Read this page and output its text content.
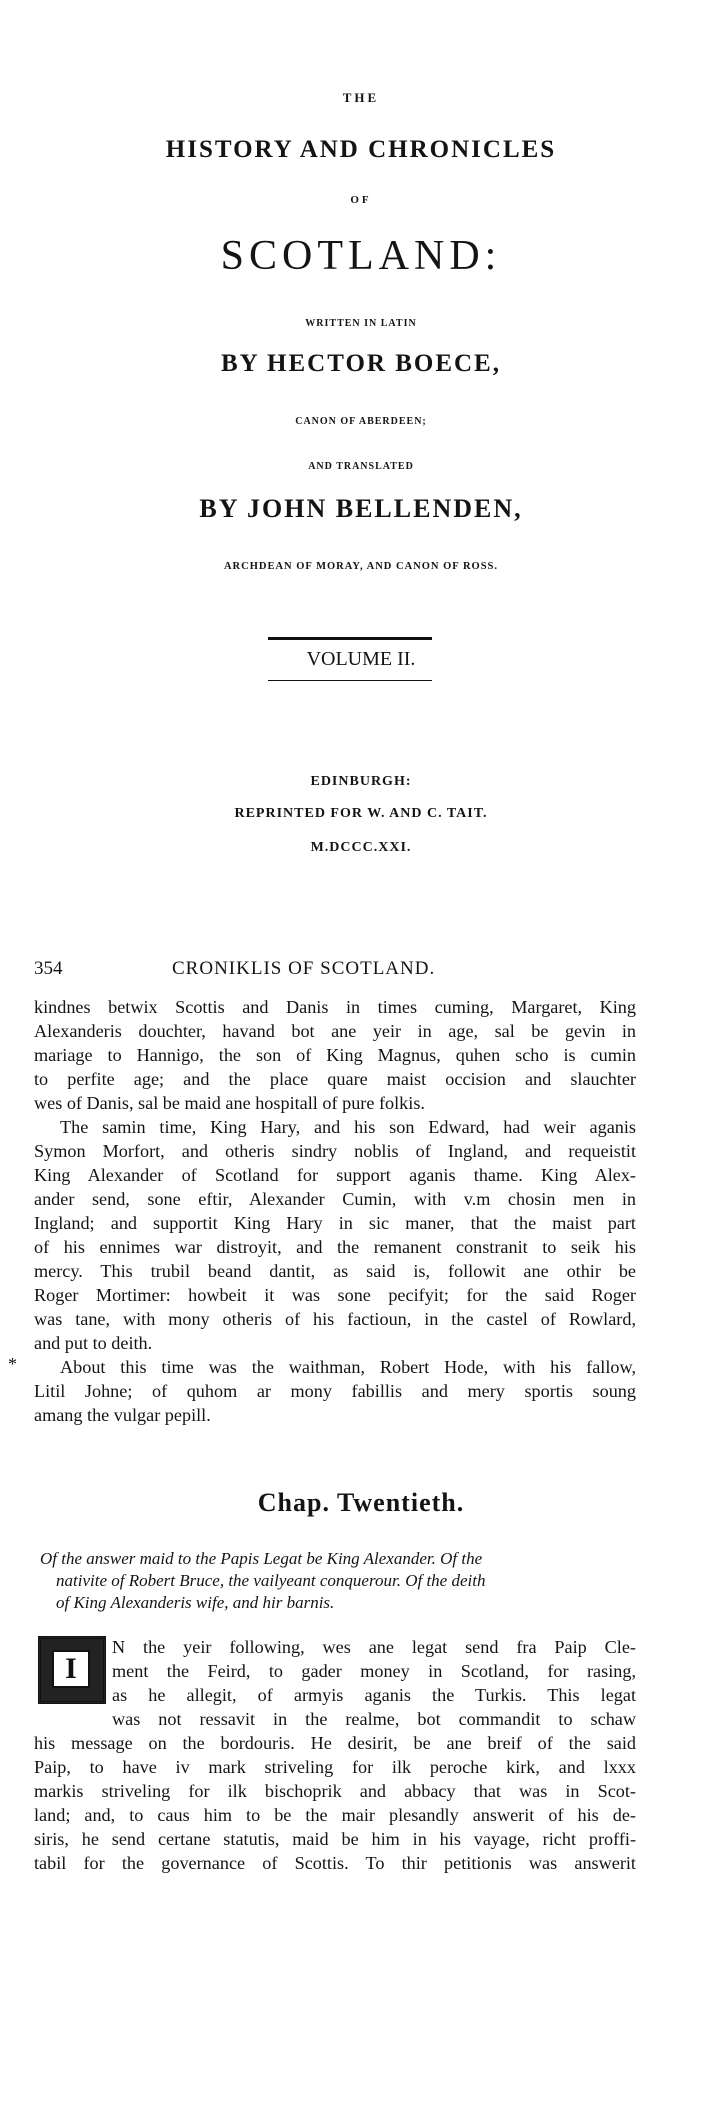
THE
HISTORY AND CHRONICLES
OF
SCOTLAND:
WRITTEN IN LATIN
BY HECTOR BOECE,
CANON OF ABERDEEN;
AND TRANSLATED
BY JOHN BELLENDEN,
ARCHDEAN OF MORAY, AND CANON OF ROSS.
VOLUME II.
EDINBURGH:
REPRINTED FOR W. AND C. TAIT.
M.DCCC.XXI.
354	CRONIKLIS OF SCOTLAND.
kindnes betwix Scottis and Danis in times cuming, Margaret, King
Alexanderis douchter, havand bot ane yeir in age, sal be gevin in
mariage to Hannigo, the son of King Magnus, quhen scho is cumin
to perfite age; and the place quare maist occision and slauchter
wes of Danis, sal be maid ane hospitall of pure folkis.
The samin time, King Hary, and his son Edward, had weir aganis
Symon Morfort, and otheris sindry noblis of Ingland, and requeistit
King Alexander of Scotland for support aganis thame. King Alex-
ander send, sone eftir, Alexander Cumin, with v.m chosin men in
Ingland; and supportit King Hary in sic maner, that the maist part
of his ennimes war distroyit, and the remanent constranit to seik his
mercy. This trubil beand dantit, as said is, followit ane othir be
Roger Mortimer: howbeit it was sone pecifyit; for the said Roger
was tane, with mony otheris of his factioun, in the castel of Rowlard,
and put to deith.
*	About this time was the waithman, Robert Hode, with his fallow,
Litil Johne; of quhom ar mony fabillis and mery sportis soung
amang the vulgar pepill.
Chap. Twentieth.
Of the answer maid to the Papis Legat be King Alexander. Of the
nativite of Robert Bruce, the vailyeant conquerour. Of the deith
of King Alexanderis wife, and hir barnis.
I
N the yeir following, wes ane legat send fra Paip Cle-
ment the Feird, to gader money in Scotland, for rasing,
as he allegit, of armyis aganis the Turkis. This legat
was not ressavit in the realme, bot commandit to schaw
his message on the bordouris. He desirit, be ane breif of the said
Paip, to have iv mark striveling for ilk peroche kirk, and lxxx
markis striveling for ilk bischoprik and abbacy that was in Scot-
land; and, to caus him to be the mair plesandly answerit of his de-
siris, he send certane statutis, maid be him in his vayage, richt proffi-
tabil for the governance of Scottis. To thir petitionis was answerit
